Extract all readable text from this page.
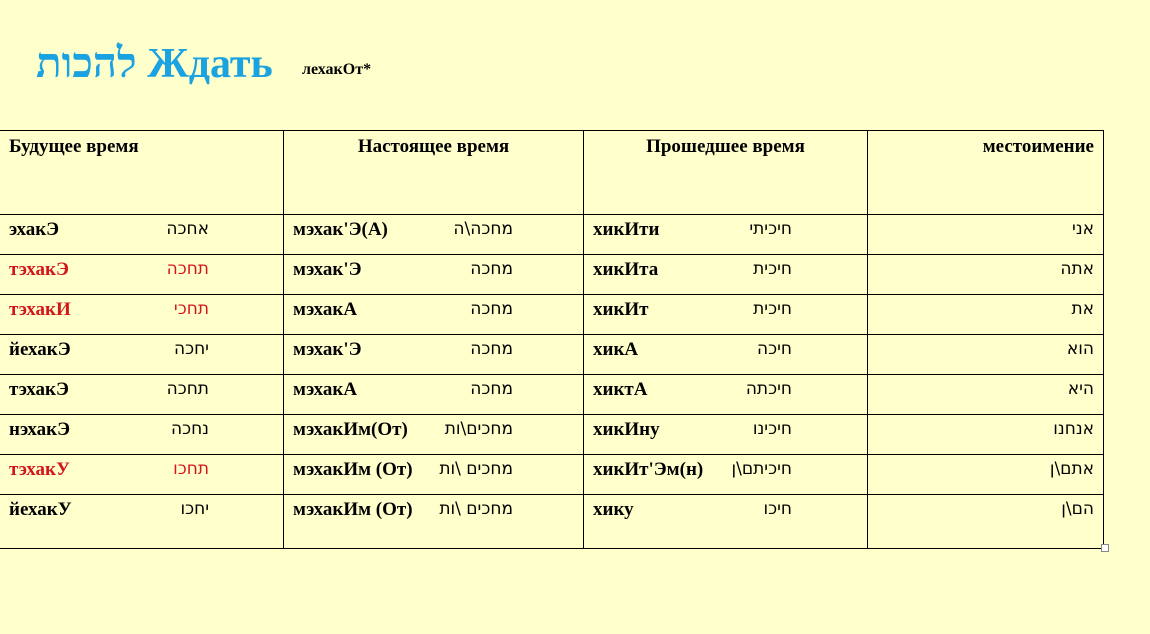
להכות Ждать лехакОт*
Будущее время	Настоящее время	Прошедшее время	местоимение

эхакЭ אחכה	мэхак'Э(А) מחכה\ה	хикИти חיכיתי	אני

тэхакЭ תחכה	мэхак'Э מחכה	хикИта חיכית	אתה

тэхакИ תחכי	мэхакА מחכה	хикИт חיכית	את

йехакЭ יחכה	мэхак'Э מחכה	хикА חיכה	הוא

тэхакЭ תחכה	мэхакА מחכה	хиктА חיכתה	היא

нэхакЭ נחכה	мэхакИм(От) מחכים\ות	хикИну חיכינו	אנחנו

тэхакУ תחכו	мэхакИм (От) מחכים \ות	хикИт'Эм(н) חיכיתם\ן	אתם\ן

йехакУ יחכו	мэхакИм (От) מחכים \ות	хику חיכו	הם\ן
